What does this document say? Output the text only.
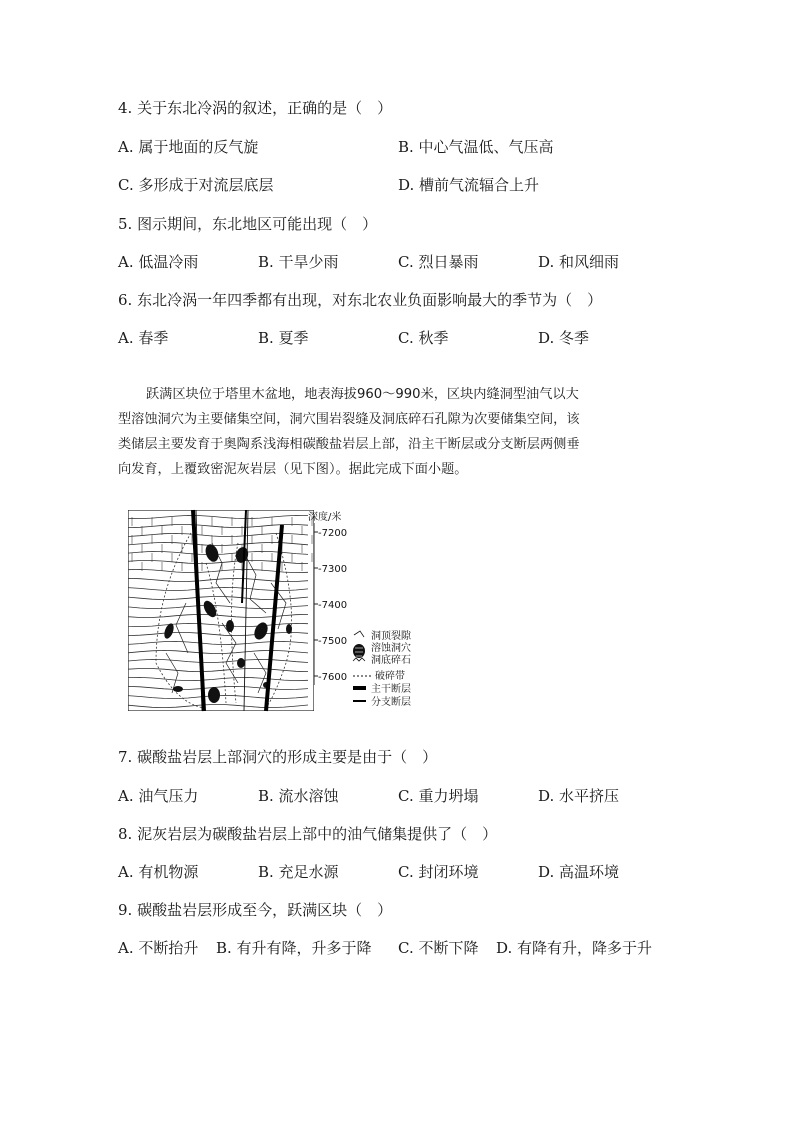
4. 关于东北冷涡的叙述，正确的是（　）
A. 属于地面的反气旋	B. 中心气温低、气压高
C. 多形成于对流层底层	D. 槽前气流辐合上升
5. 图示期间，东北地区可能出现（　）
A. 低温冷雨	B. 干旱少雨	C. 烈日暴雨	D. 和风细雨
6. 东北冷涡一年四季都有出现，对东北农业负面影响最大的季节为（　）
A. 春季	B. 夏季	C. 秋季	D. 冬季
跃满区块位于塔里木盆地，地表海拔960～990米，区块内缝洞型油气以大
型溶蚀洞穴为主要储集空间，洞穴围岩裂缝及洞底碎石孔隙为次要储集空间，该
类储层主要发育于奥陶系浅海相碳酸盐岩层上部，沿主干断层或分支断层两侧垂
向发育，上覆致密泥灰岩层（见下图）。据此完成下面小题。
深度/米
-7200
-7300
-7400
-7500
-7600
洞顶裂隙
溶蚀洞穴
洞底碎石
破碎带
主干断层
分支断层
7. 碳酸盐岩层上部洞穴的形成主要是由于（　）
A. 油气压力	B. 流水溶蚀	C. 重力坍塌	D. 水平挤压
8. 泥灰岩层为碳酸盐岩层上部中的油气储集提供了（　）
A. 有机物源	B. 充足水源	C. 封闭环境	D. 高温环境
9. 碳酸盐岩层形成至今，跃满区块（　）
A. 不断抬升 B. 有升有降，升多于降 C. 不断下降 D. 有降有升，降多于升
